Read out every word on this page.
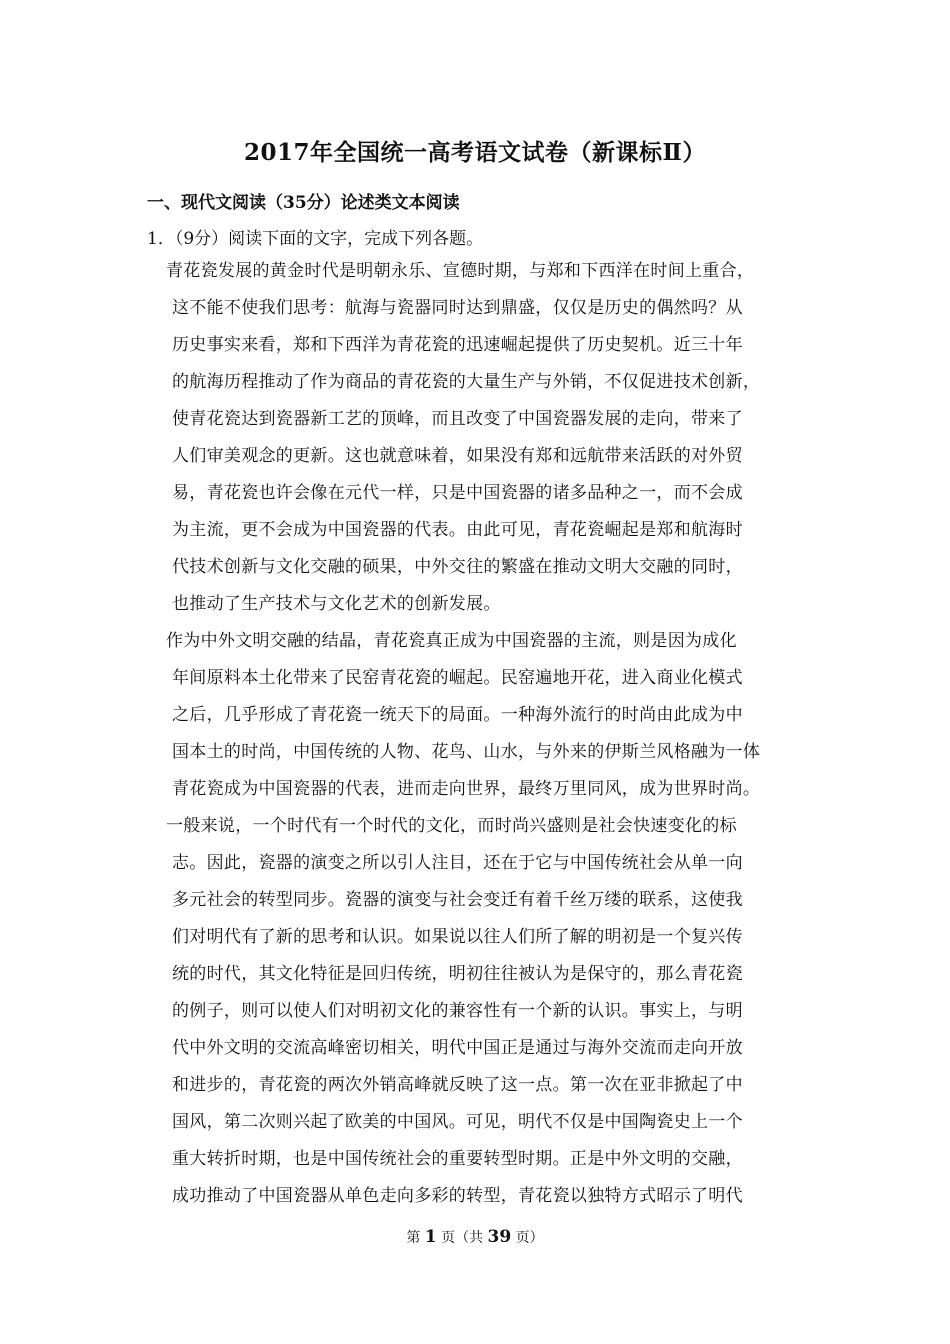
2017年全国统一高考语文试卷（新课标Ⅱ）
一、现代文阅读（35分）论述类文本阅读
1．（9分）阅读下面的文字，完成下列各题。
青花瓷发展的黄金时代是明朝永乐、宣德时期，与郑和下西洋在时间上重合，
这不能不使我们思考：航海与瓷器同时达到鼎盛，仅仅是历史的偶然吗？从
历史事实来看，郑和下西洋为青花瓷的迅速崛起提供了历史契机。近三十年
的航海历程推动了作为商品的青花瓷的大量生产与外销，不仅促进技术创新，
使青花瓷达到瓷器新工艺的顶峰，而且改变了中国瓷器发展的走向，带来了
人们审美观念的更新。这也就意味着，如果没有郑和远航带来活跃的对外贸
易，青花瓷也许会像在元代一样，只是中国瓷器的诸多品种之一，而不会成
为主流，更不会成为中国瓷器的代表。由此可见，青花瓷崛起是郑和航海时
代技术创新与文化交融的硕果，中外交往的繁盛在推动文明大交融的同时，
也推动了生产技术与文化艺术的创新发展。
作为中外文明交融的结晶，青花瓷真正成为中国瓷器的主流，则是因为成化
年间原料本土化带来了民窑青花瓷的崛起。民窑遍地开花，进入商业化模式
之后，几乎形成了青花瓷一统天下的局面。一种海外流行的时尚由此成为中
国本土的时尚，中国传统的人物、花鸟、山水，与外来的伊斯兰风格融为一体
青花瓷成为中国瓷器的代表，进而走向世界，最终万里同风，成为世界时尚。
一般来说，一个时代有一个时代的文化，而时尚兴盛则是社会快速变化的标
志。因此，瓷器的演变之所以引人注目，还在于它与中国传统社会从单一向
多元社会的转型同步。瓷器的演变与社会变迁有着千丝万缕的联系，这使我
们对明代有了新的思考和认识。如果说以往人们所了解的明初是一个复兴传
统的时代，其文化特征是回归传统，明初往往被认为是保守的，那么青花瓷
的例子，则可以使人们对明初文化的兼容性有一个新的认识。事实上，与明
代中外文明的交流高峰密切相关，明代中国正是通过与海外交流而走向开放
和进步的，青花瓷的两次外销高峰就反映了这一点。第一次在亚非掀起了中
国风，第二次则兴起了欧美的中国风。可见，明代不仅是中国陶瓷史上一个
重大转折时期，也是中国传统社会的重要转型时期。正是中外文明的交融，
成功推动了中国瓷器从单色走向多彩的转型，青花瓷以独特方式昭示了明代
第 1 页（共 39 页）
